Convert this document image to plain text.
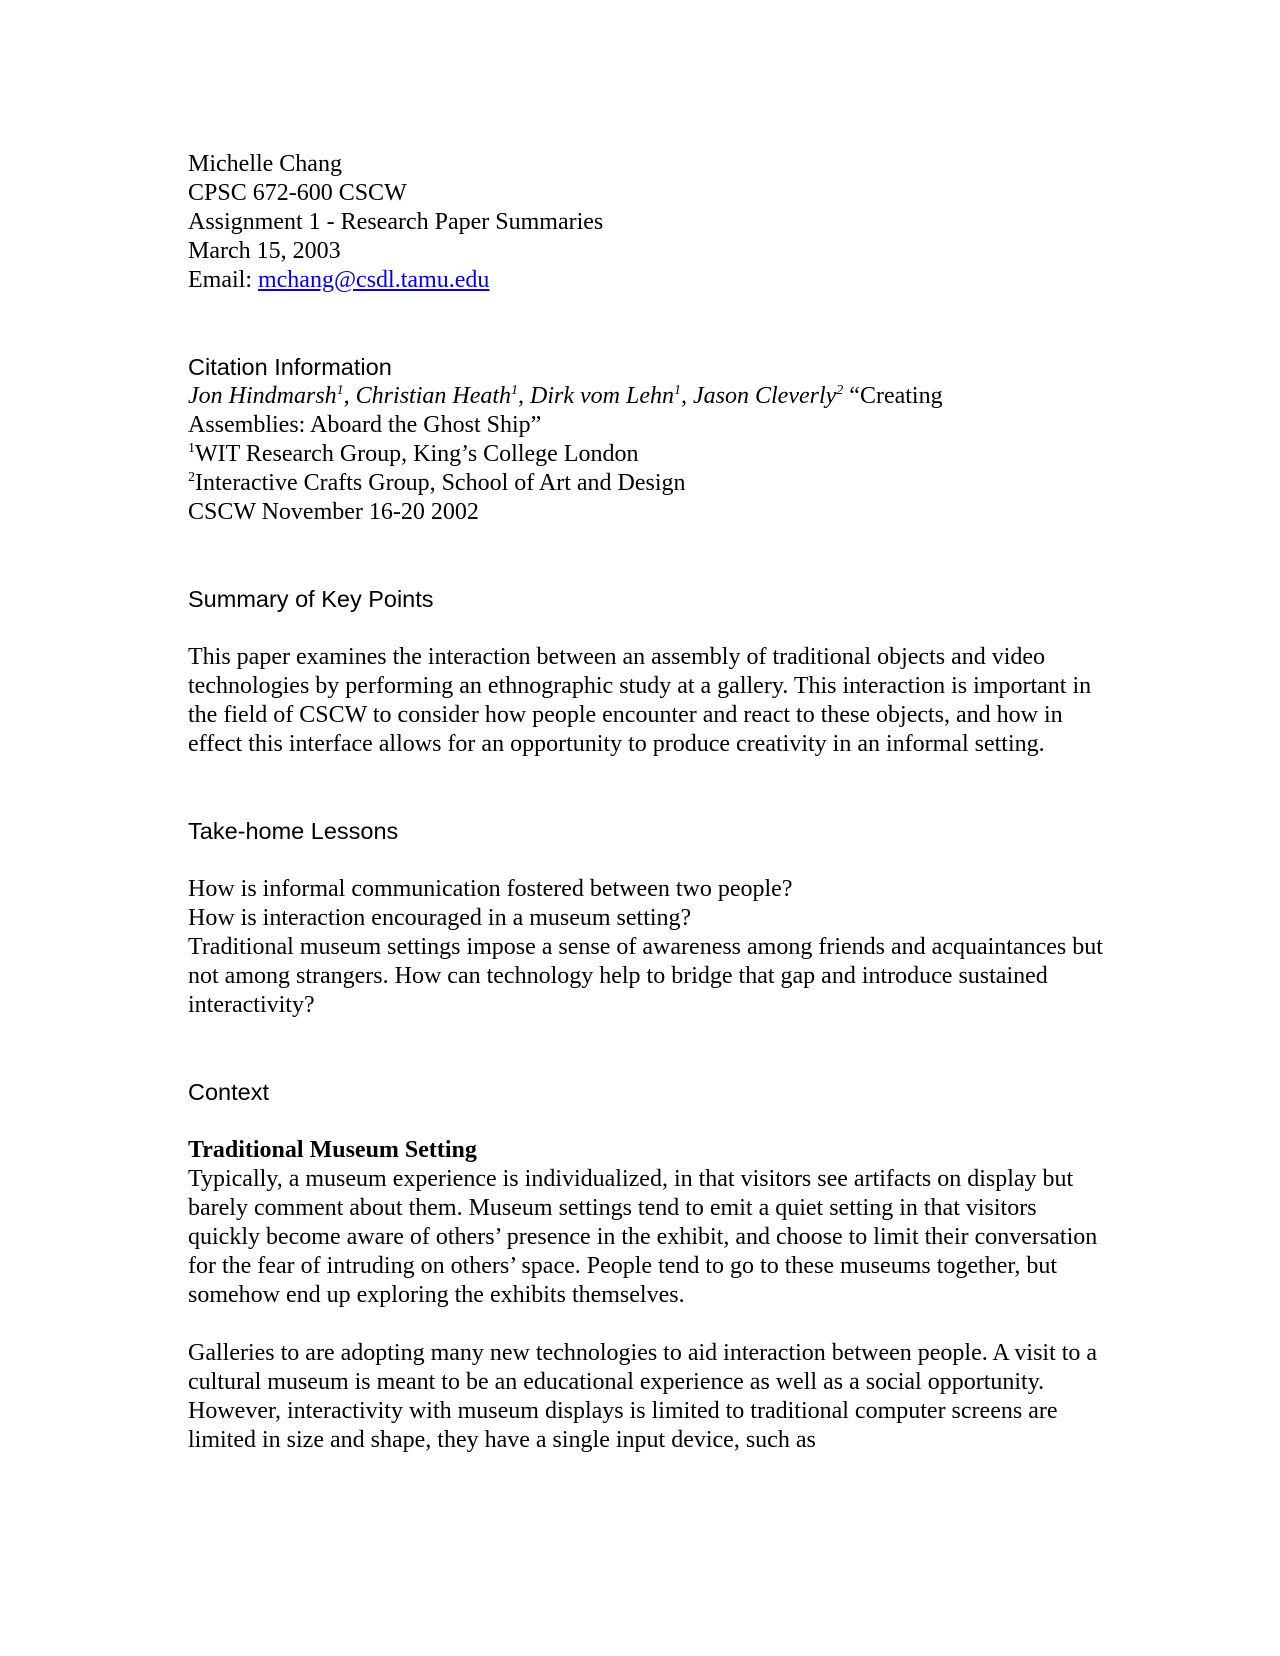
Michelle Chang
CPSC 672-600 CSCW
Assignment 1 - Research Paper Summaries
March 15, 2003
Email: mchang@csdl.tamu.edu
Citation Information
Jon Hindmarsh$^1$, Christian Heath$^1$, Dirk vom Lehn$^1$, Jason Cleverly$^2$ “Creating
Assemblies: Aboard the Ghost Ship”
$^1$WIT Research Group, King’s College London
$^2$Interactive Crafts Group, School of Art and Design
CSCW November 16-20 2002
Summary of Key Points
This paper examines the interaction between an assembly of traditional objects and video technologies by performing an ethnographic study at a gallery. This interaction is important in the field of CSCW to consider how people encounter and react to these objects, and how in effect this interface allows for an opportunity to produce creativity in an informal setting.
Take-home Lessons
How is informal communication fostered between two people?
How is interaction encouraged in a museum setting?
Traditional museum settings impose a sense of awareness among friends and acquaintances but not among strangers. How can technology help to bridge that gap and introduce sustained interactivity?
Context
Traditional Museum Setting
Typically, a museum experience is individualized, in that visitors see artifacts on display but barely comment about them. Museum settings tend to emit a quiet setting in that visitors quickly become aware of others’ presence in the exhibit, and choose to limit their conversation for the fear of intruding on others’ space. People tend to go to these museums together, but somehow end up exploring the exhibits themselves.
Galleries to are adopting many new technologies to aid interaction between people. A visit to a cultural museum is meant to be an educational experience as well as a social opportunity. However, interactivity with museum displays is limited to traditional computer screens are limited in size and shape, they have a single input device, such as
